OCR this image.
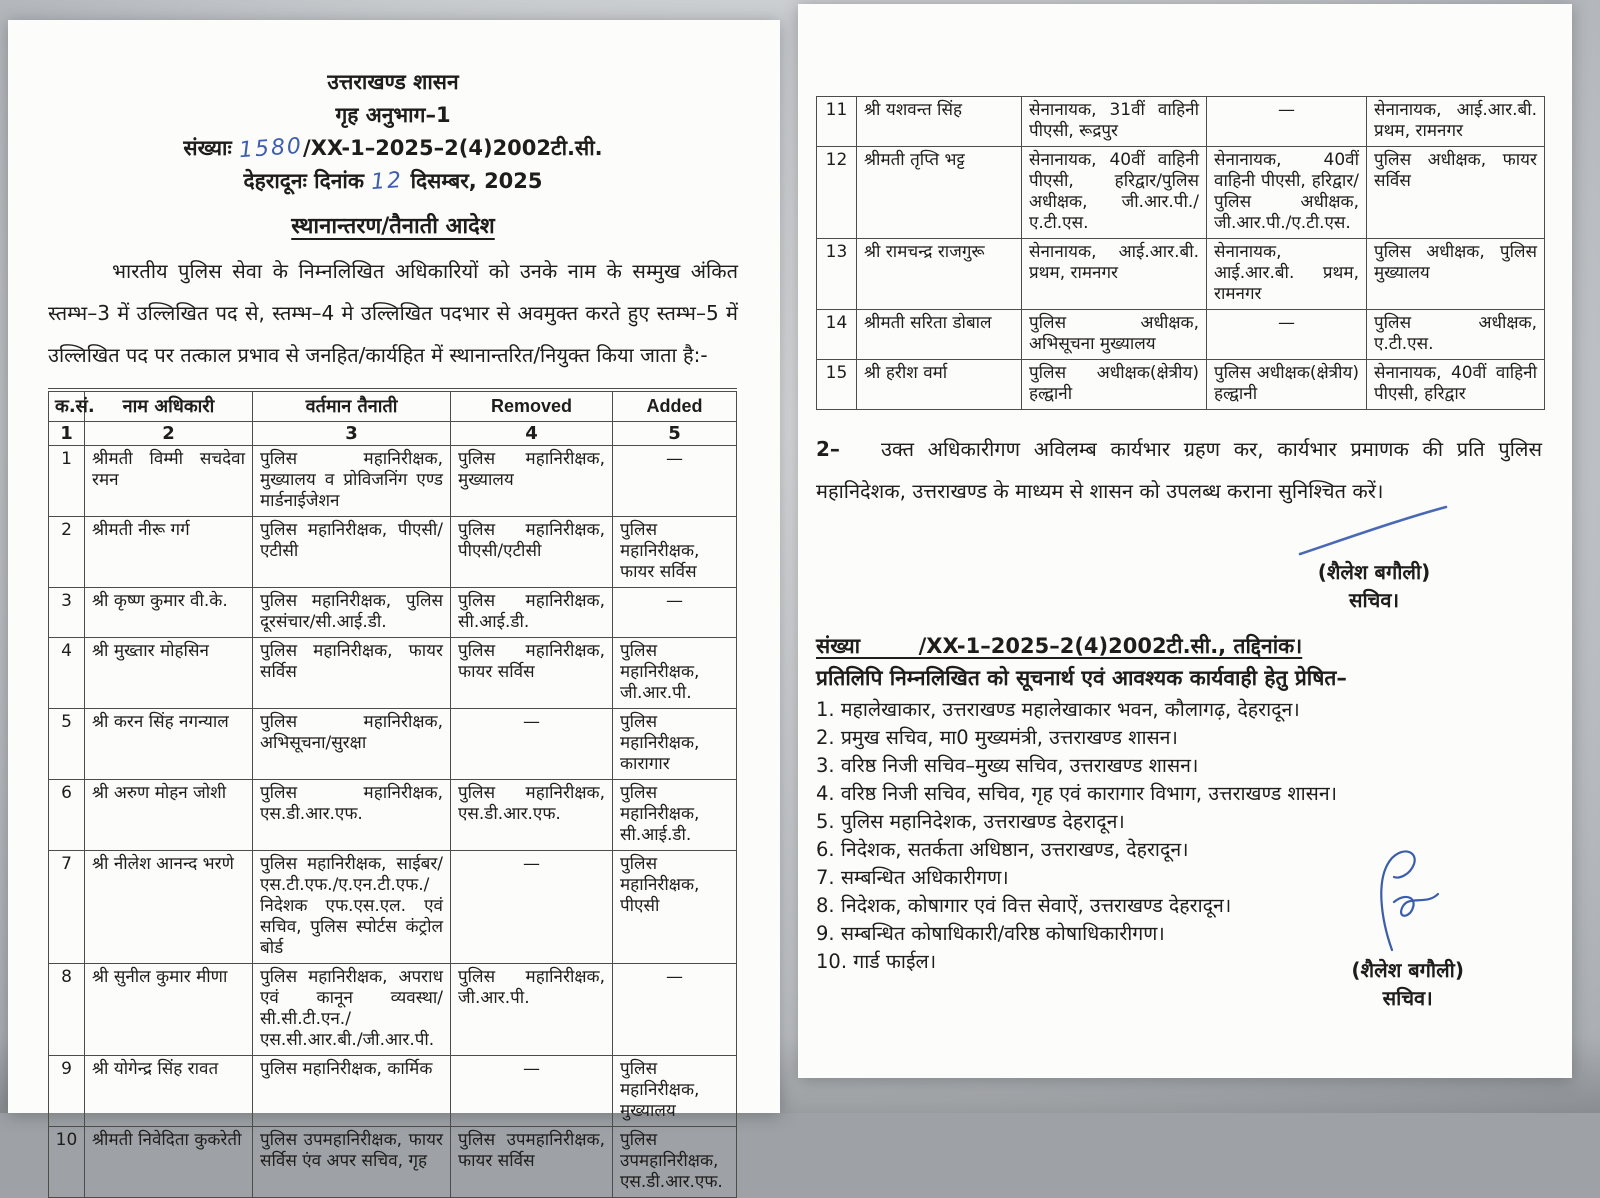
उत्तराखण्ड शासन
गृह अनुभाग–1
संख्याः 1580/XX-1–2025–2(4)2002टी.सी.
देहरादूनः दिनांक 12 दिसम्बर, 2025
स्थानान्तरण/तैनाती आदेश

भारतीय पुलिस सेवा के निम्नलिखित अधिकारियों को उनके नाम के सम्मुख अंकित स्तम्भ–3 में उल्लिखित पद से, स्तम्भ–4 मे उल्लिखित पदभार से अवमुक्त करते हुए स्तम्भ–5 में उल्लिखित पद पर तत्काल प्रभाव से जनहित/कार्यहित में स्थानान्तरित/नियुक्त किया जाता है:-

क.सं.	नाम अधिकारी	वर्तमान तैनाती	Removed	Added
1	2	3	4	5
1	श्रीमती विम्मी सचदेवा रमन	पुलिस महानिरीक्षक, मुख्यालय व प्रोविजनिंग एण्ड मार्डनाईजेशन	पुलिस महानिरीक्षक, मुख्यालय	—
2	श्रीमती नीरू गर्ग	पुलिस महानिरीक्षक, पीएसी/एटीसी	पुलिस महानिरीक्षक, पीएसी/एटीसी	पुलिस महानिरीक्षक, फायर सर्विस
3	श्री कृष्ण कुमार वी.के.	पुलिस महानिरीक्षक, पुलिस दूरसंचार/सी.आई.डी.	पुलिस महानिरीक्षक, सी.आई.डी.	—
4	श्री मुख्तार मोहसिन	पुलिस महानिरीक्षक, फायर सर्विस	पुलिस महानिरीक्षक, फायर सर्विस	पुलिस महानिरीक्षक, जी.आर.पी.
5	श्री करन सिंह नगन्याल	पुलिस महानिरीक्षक, अभिसूचना/सुरक्षा	—	पुलिस महानिरीक्षक, कारागार
6	श्री अरुण मोहन जोशी	पुलिस महानिरीक्षक, एस.डी.आर.एफ.	पुलिस महानिरीक्षक, एस.डी.आर.एफ.	पुलिस महानिरीक्षक, सी.आई.डी.
7	श्री नीलेश आनन्द भरणे	पुलिस महानिरीक्षक, साईबर/एस.टी.एफ./ए.एन.टी.एफ./निदेशक एफ.एस.एल. एवं सचिव, पुलिस स्पोर्टस कंट्रोल बोर्ड	—	पुलिस महानिरीक्षक, पीएसी
8	श्री सुनील कुमार मीणा	पुलिस महानिरीक्षक, अपराध एवं कानून व्यवस्था/सी.सी.टी.एन./एस.सी.आर.बी./जी.आर.पी.	पुलिस महानिरीक्षक, जी.आर.पी.	—
9	श्री योगेन्द्र सिंह रावत	पुलिस महानिरीक्षक, कार्मिक	—	पुलिस महानिरीक्षक, मुख्यालय
10	श्रीमती निवेदिता कुकरेती	पुलिस उपमहानिरीक्षक, फायर सर्विस एंव अपर सचिव, गृह	पुलिस उपमहानिरीक्षक, फायर सर्विस	पुलिस उपमहानिरीक्षक, एस.डी.आर.एफ.
11	श्री यशवन्त सिंह	सेनानायक, 31वीं वाहिनी पीएसी, रूद्रपुर	—	सेनानायक, आई.आर.बी. प्रथम, रामनगर
12	श्रीमती तृप्ति भट्ट	सेनानायक, 40वीं वाहिनी पीएसी, हरिद्वार/पुलिस अधीक्षक, जी.आर.पी./ए.टी.एस.	सेनानायक, 40वीं वाहिनी पीएसी, हरिद्वार/पुलिस अधीक्षक, जी.आर.पी./ए.टी.एस.	पुलिस अधीक्षक, फायर सर्विस
13	श्री रामचन्द्र राजगुरू	सेनानायक, आई.आर.बी. प्रथम, रामनगर	सेनानायक, आई.आर.बी. प्रथम, रामनगर	पुलिस अधीक्षक, पुलिस मुख्यालय
14	श्रीमती सरिता डोबाल	पुलिस अधीक्षक, अभिसूचना मुख्यालय	—	पुलिस अधीक्षक, ए.टी.एस.
15	श्री हरीश वर्मा	पुलिस अधीक्षक(क्षेत्रीय) हल्द्वानी	पुलिस अधीक्षक(क्षेत्रीय) हल्द्वानी	सेनानायक, 40वीं वाहिनी पीएसी, हरिद्वार

2– उक्त अधिकारीगण अविलम्ब कार्यभार ग्रहण कर, कार्यभार प्रमाणक की प्रति पुलिस महानिदेशक, उत्तराखण्ड के माध्यम से शासन को उपलब्ध कराना सुनिश्चित करें।

(शैलेश बगौली)
सचिव।
संख्या        /XX-1–2025–2(4)2002टी.सी., तद्दिनांक।
प्रतिलिपि निम्नलिखित को सूचनार्थ एवं आवश्यक कार्यवाही हेतु प्रेषित–
महालेखाकार, उत्तराखण्ड महालेखाकार भवन, कौलागढ़, देहरादून।
प्रमुख सचिव, मा0 मुख्यमंत्री, उत्तराखण्ड शासन।
वरिष्ठ निजी सचिव–मुख्य सचिव, उत्तराखण्ड शासन।
वरिष्ठ निजी सचिव, सचिव, गृह एवं कारागार विभाग, उत्तराखण्ड शासन।
पुलिस महानिदेशक, उत्तराखण्ड देहरादून।
निदेशक, सतर्कता अधिष्ठान, उत्तराखण्ड, देहरादून।
सम्बन्धित अधिकारीगण।
निदेशक, कोषागार एवं वित्त सेवाऐं, उत्तराखण्ड देहरादून।
सम्बन्धित कोषाधिकारी/वरिष्ठ कोषाधिकारीगण।
गार्ड फाईल।	(शैलेश बगौली)
सचिव।
